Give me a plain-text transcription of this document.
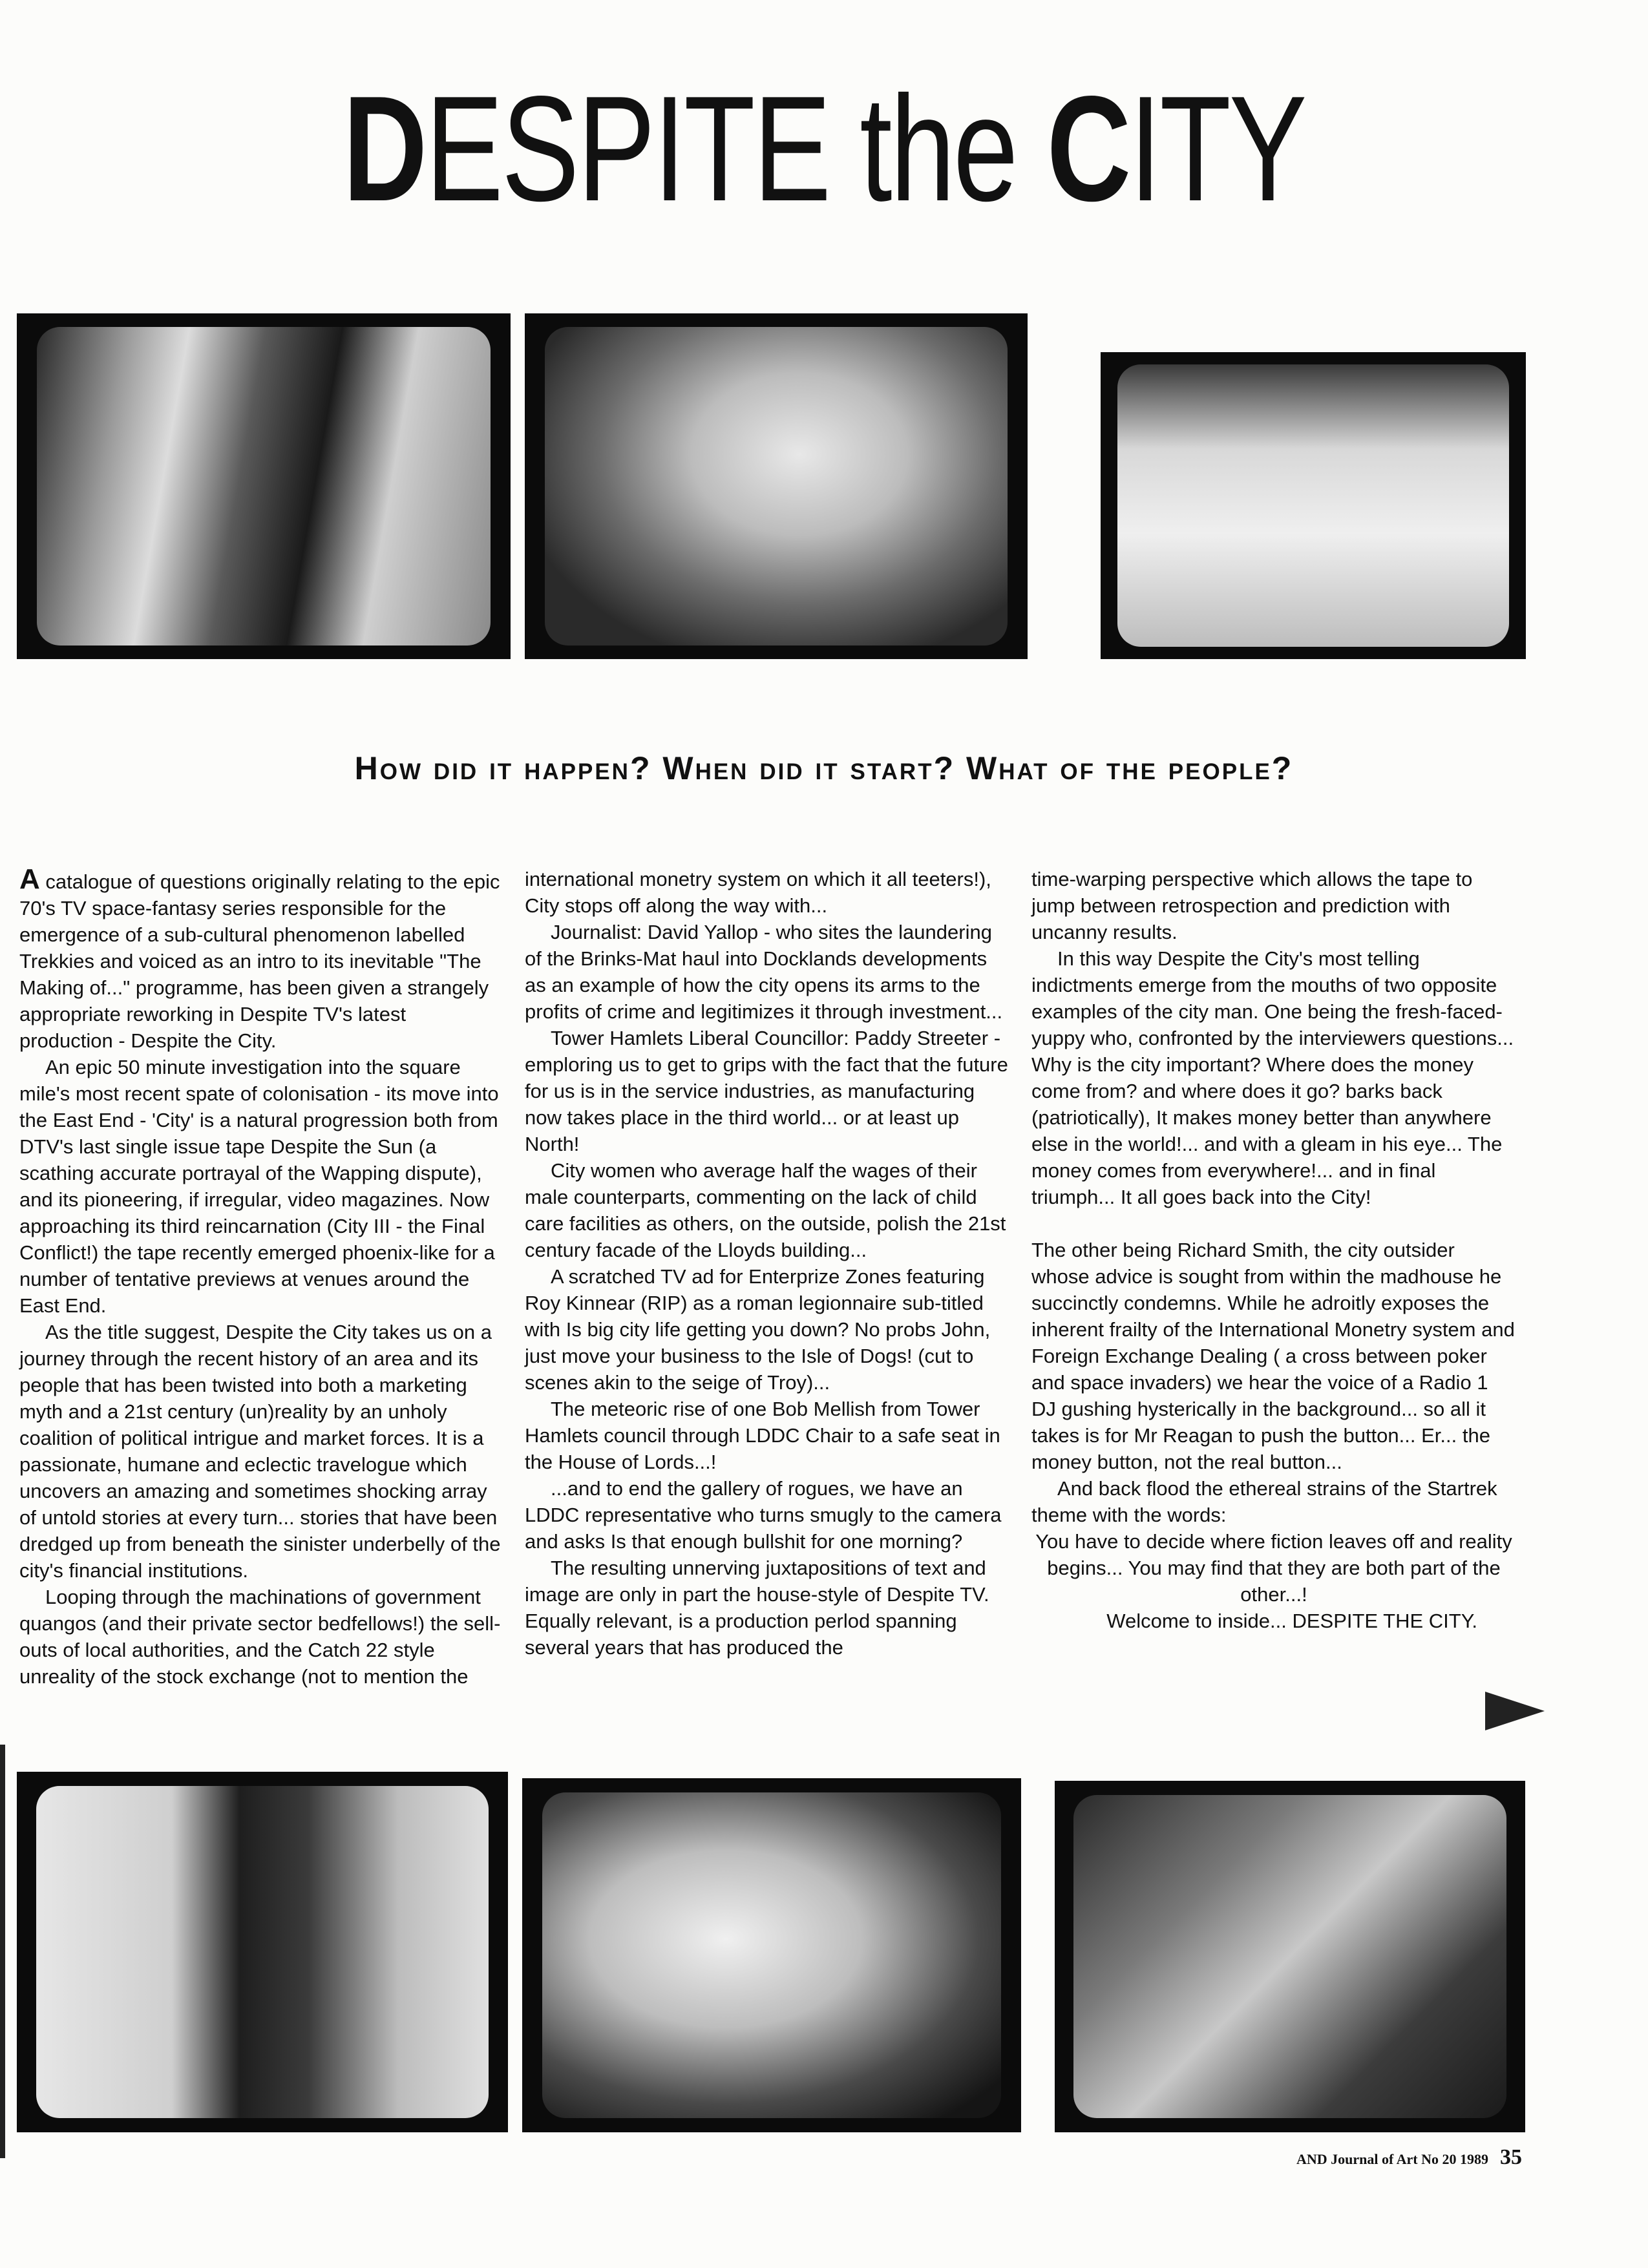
DESPITE the CITY
How did it happen? When did it start? What of the people?

A catalogue of questions originally relating to the epic 70's TV space-fantasy series responsible for the emergence of a sub-cultural phenomenon labelled Trekkies and voiced as an intro to its inevitable "The Making of..." programme, has been given a strangely appropriate reworking in Despite TV's latest production - Despite the City.

An epic 50 minute investigation into the square mile's most recent spate of colonisation - its move into the East End - 'City' is a natural progression both from DTV's last single issue tape Despite the Sun (a scathing accurate portrayal of the Wapping dispute), and its pioneering, if irregular, video magazines. Now approaching its third reincarnation (City III - the Final Conflict!) the tape recently emerged phoenix-like for a number of tentative previews at venues around the East End.

As the title suggest, Despite the City takes us on a journey through the recent history of an area and its people that has been twisted into both a marketing myth and a 21st century (un)reality by an unholy coalition of political intrigue and market forces. It is a passionate, humane and eclectic travelogue which uncovers an amazing and sometimes shocking array of untold stories at every turn... stories that have been dredged up from beneath the sinister underbelly of the city's financial institutions.

Looping through the machinations of government quangos (and their private sector bedfellows!) the sell-outs of local authorities, and the Catch 22 style unreality of the stock exchange (not to mention the

international monetry system on which it all teeters!), City stops off along the way with...

Journalist: David Yallop - who sites the laundering of the Brinks-Mat haul into Docklands developments as an example of how the city opens its arms to the profits of crime and legitimizes it through investment...

Tower Hamlets Liberal Councillor: Paddy Streeter - emploring us to get to grips with the fact that the future for us is in the service industries, as manufacturing now takes place in the third world... or at least up North!

City women who average half the wages of their male counterparts, commenting on the lack of child care facilities as others, on the outside, polish the 21st century facade of the Lloyds building...

A scratched TV ad for Enterprize Zones featuring Roy Kinnear (RIP) as a roman legionnaire sub-titled with Is big city life getting you down? No probs John, just move your business to the Isle of Dogs! (cut to scenes akin to the seige of Troy)...

The meteoric rise of one Bob Mellish from Tower Hamlets council through LDDC Chair to a safe seat in the House of Lords...!

...and to end the gallery of rogues, we have an LDDC representative who turns smugly to the camera and asks Is that enough bullshit for one morning?

The resulting unnerving juxtapositions of text and image are only in part the house-style of Despite TV. Equally relevant, is a production perlod spanning several years that has produced the

time-warping perspective which allows the tape to jump between retrospection and prediction with uncanny results.

In this way Despite the City's most telling indictments emerge from the mouths of two opposite examples of the city man. One being the fresh-faced-yuppy who, confronted by the interviewers questions... Why is the city important? Where does the money come from? and where does it go? barks back (patriotically), It makes money better than anywhere else in the world!... and with a gleam in his eye... The money comes from everywhere!... and in final triumph... It all goes back into the City!

The other being Richard Smith, the city outsider whose advice is sought from within the madhouse he succinctly condemns. While he adroitly exposes the inherent frailty of the International Monetry system and Foreign Exchange Dealing ( a cross between poker and space invaders) we hear the voice of a Radio 1 DJ gushing hysterically in the background... so all it takes is for Mr Reagan to push the button... Er... the money button, not the real button...

And back flood the ethereal strains of the Startrek theme with the words:

You have to decide where fiction leaves off and reality begins... You may find that they are both part of the other...!

Welcome to inside... DESPITE THE CITY.

AND Journal of Art No 20 1989 35
